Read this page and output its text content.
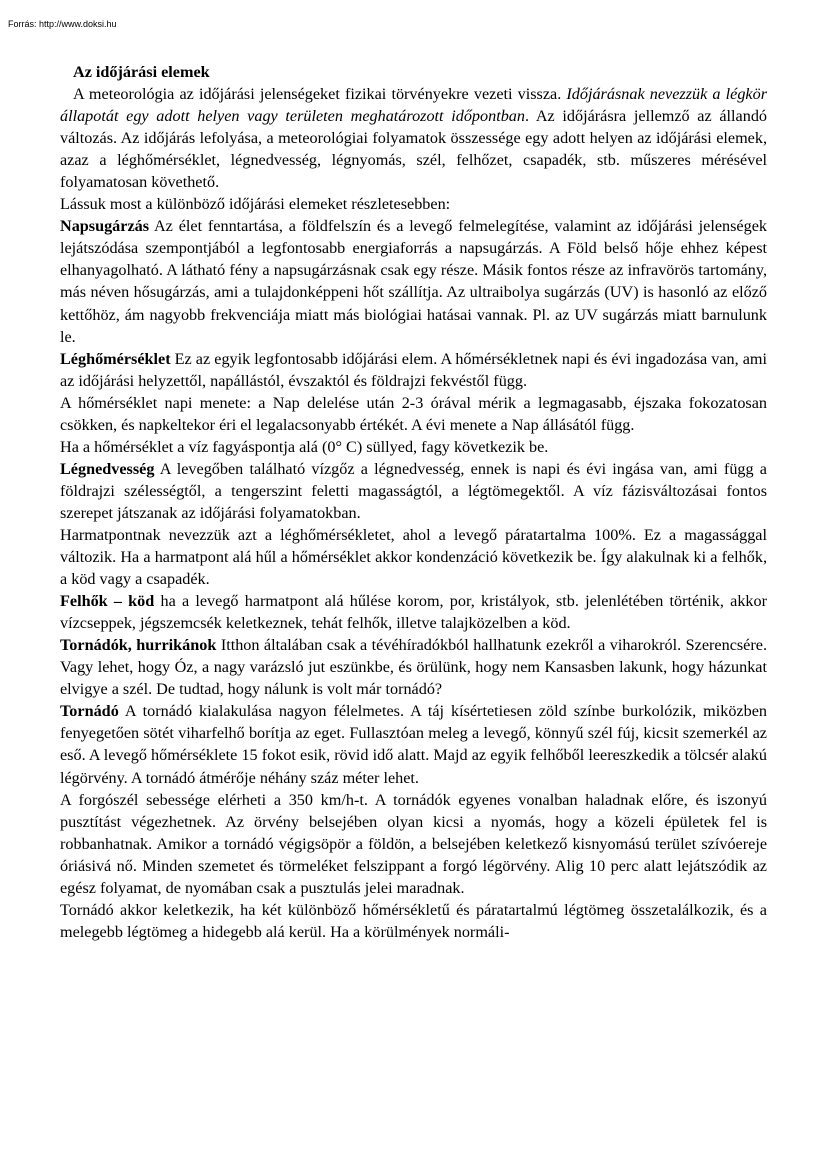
Forrás: http://www.doksi.hu

Az időjárási elemek

A meteorológia az időjárási jelenségeket fizikai törvényekre vezeti vissza. Időjárásnak nevezzük a légkör állapotát egy adott helyen vagy területen meghatározott időpontban. Az időjárásra jellemző az állandó változás. Az időjárás lefolyása, a meteorológiai folyamatok összessége egy adott helyen az időjárási elemek, azaz a léghőmérséklet, légnedvesség, légnyomás, szél, felhőzet, csapadék, stb. műszeres mérésével folyamatosan követhető.

Lássuk most a különböző időjárási elemeket részletesebben:

Napsugárzás Az élet fenntartása, a földfelszín és a levegő felmelegítése, valamint az időjárási jelenségek lejátszódása szempontjából a legfontosabb energiaforrás a napsugárzás. A Föld belső hője ehhez képest elhanyagolható. A látható fény a napsugárzásnak csak egy része. Másik fontos része az infravörös tartomány, más néven hősugárzás, ami a tulajdonképpeni hőt szállítja. Az ultraibolya sugárzás (UV) is hasonló az előző kettőhöz, ám nagyobb frekvenciája miatt más biológiai hatásai vannak. Pl. az UV sugárzás miatt barnulunk le.

Léghőmérséklet Ez az egyik legfontosabb időjárási elem. A hőmérsékletnek napi és évi ingadozása van, ami az időjárási helyzettől, napállástól, évszaktól és földrajzi fekvéstől függ.

A hőmérséklet napi menete: a Nap delelése után 2-3 órával mérik a legmagasabb, éjszaka fokozatosan csökken, és napkeltekor éri el legalacsonyabb értékét. A évi menete a Nap állásától függ.

Ha a hőmérséklet a víz fagyáspontja alá (0° C) süllyed, fagy következik be.

Légnedvesség A levegőben található vízgőz a légnedvesség, ennek is napi és évi ingása van, ami függ a földrajzi szélességtől, a tengerszint feletti magasságtól, a légtömegektől. A víz fázisváltozásai fontos szerepet játszanak az időjárási folyamatokban.

Harmatpontnak nevezzük azt a léghőmérsékletet, ahol a levegő páratartalma 100%. Ez a magassággal változik. Ha a harmatpont alá hűl a hőmérséklet akkor kondenzáció következik be. Így alakulnak ki a felhők, a köd vagy a csapadék.

Felhők – köd ha a levegő harmatpont alá hűlése korom, por, kristályok, stb. jelenlétében történik, akkor vízcseppek, jégszemcsék keletkeznek, tehát felhők, illetve talajközelben a köd.

Tornádók, hurrikánok Itthon általában csak a tévéhíradókból hallhatunk ezekről a viharokról. Szerencsére. Vagy lehet, hogy Óz, a nagy varázsló jut eszünkbe, és örülünk, hogy nem Kansasben lakunk, hogy házunkat elvigye a szél. De tudtad, hogy nálunk is volt már tornádó?

Tornádó A tornádó kialakulása nagyon félelmetes. A táj kísértetiesen zöld színbe burkolózik, miközben fenyegetően sötét viharfelhő borítja az eget. Fullasztóan meleg a levegő, könnyű szél fúj, kicsit szemerkél az eső. A levegő hőmérséklete 15 fokot esik, rövid idő alatt. Majd az egyik felhőből leereszkedik a tölcsér alakú légörvény. A tornádó átmérője néhány száz méter lehet.

A forgószél sebessége elérheti a 350 km/h-t. A tornádók egyenes vonalban haladnak előre, és iszonyú pusztítást végezhetnek. Az örvény belsejében olyan kicsi a nyomás, hogy a közeli épületek fel is robbanhatnak. Amikor a tornádó végigsöpör a földön, a belsejében keletkező kisnyomású terület szívóereje óriásivá nő. Minden szemetet és törmeléket felszippant a forgó légörvény. Alig 10 perc alatt lejátszódik az egész folyamat, de nyomában csak a pusztulás jelei maradnak.

Tornádó akkor keletkezik, ha két különböző hőmérsékletű és páratartalmú légtömeg összetalálkozik, és a melegebb légtömeg a hidegebb alá kerül. Ha a körülmények normáli-
